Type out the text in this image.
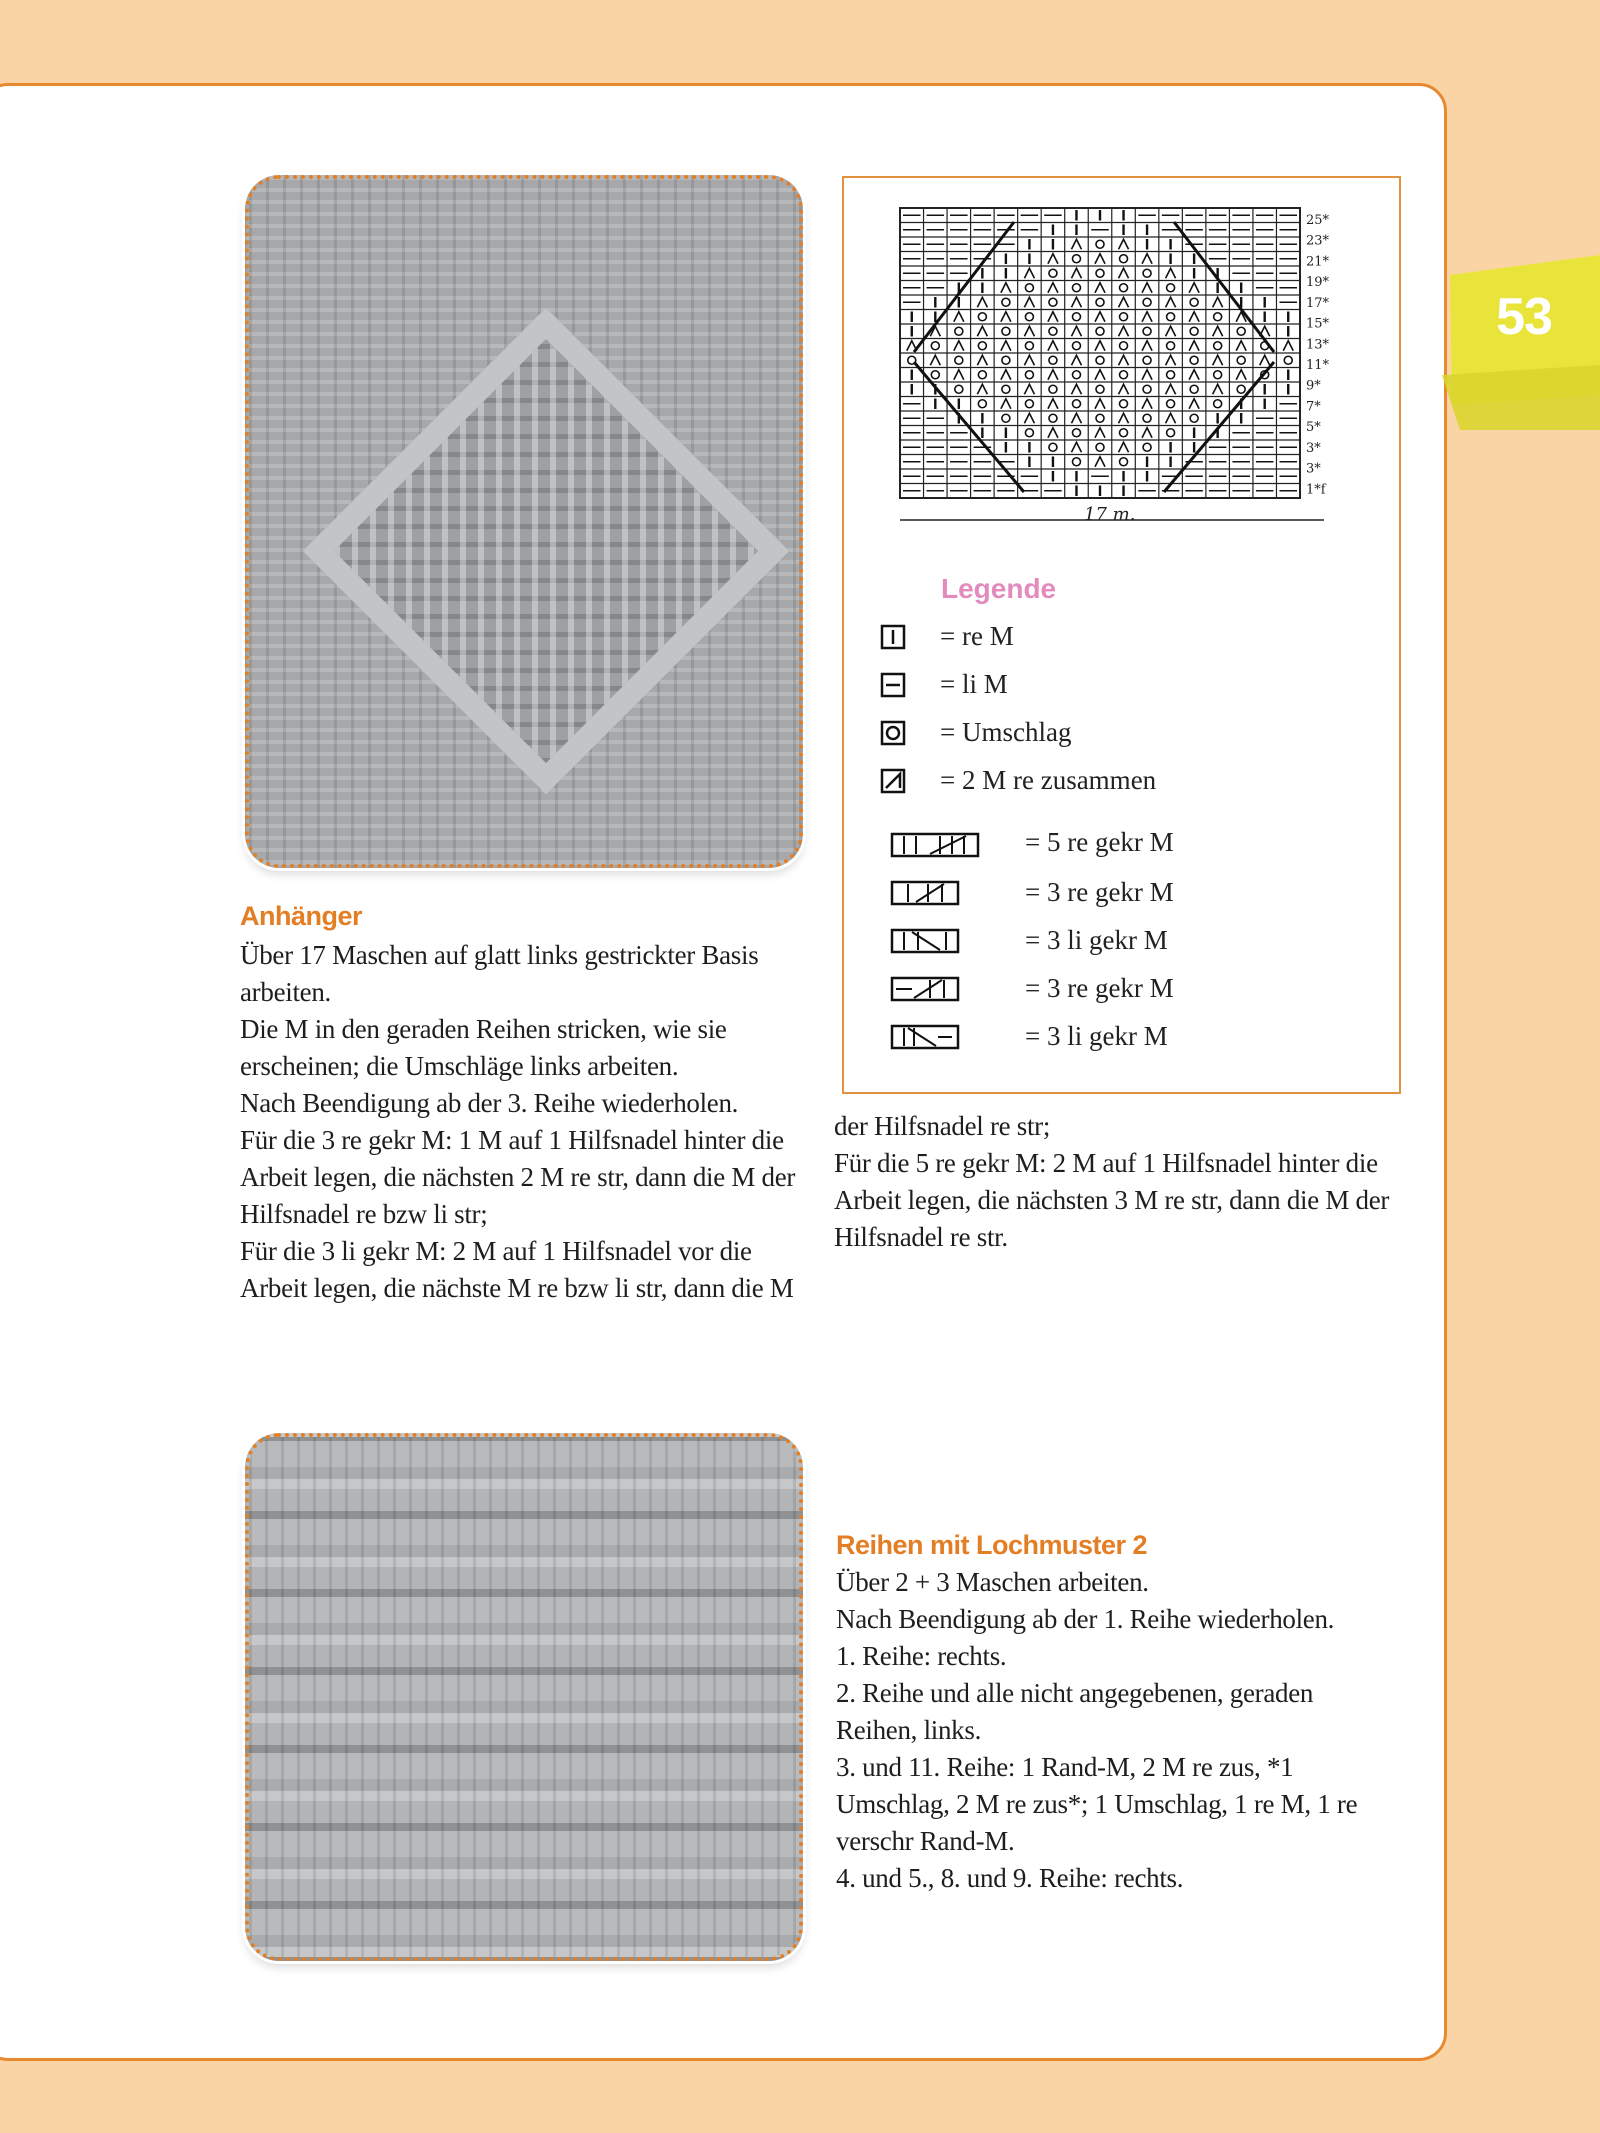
53
25*
23*
21*
19*
17*
15*
13*
11*
9*
7*
5*
3*
3*
1*f
17 m.
Legende
= re M
= li M
= Umschlag
= 2 M re zusammen
= 5 re gekr M
= 3 re gekr M
= 3 li gekr M
= 3 re gekr M
= 3 li gekr M
Anhänger
Über 17 Maschen auf glatt links gestrickter Basis
arbeiten.
Die M in den geraden Reihen stricken, wie sie
erscheinen; die Umschläge links arbeiten.
Nach Beendigung ab der 3. Reihe wiederholen.
Für die 3 re gekr M: 1 M auf 1 Hilfsnadel hinter die
Arbeit legen, die nächsten 2 M re str, dann die M der
Hilfsnadel re bzw li str;
Für die 3 li gekr M: 2 M auf 1 Hilfsnadel vor die
Arbeit legen, die nächste M re bzw li str, dann die M
der Hilfsnadel re str;
Für die 5 re gekr M: 2 M auf 1 Hilfsnadel hinter die
Arbeit legen, die nächsten 3 M re str, dann die M der
Hilfsnadel re str.
Reihen mit Lochmuster 2
Über 2 + 3 Maschen arbeiten.
Nach Beendigung ab der 1. Reihe wiederholen.
1. Reihe: rechts.
2. Reihe und alle nicht angegebenen, geraden
Reihen, links.
3. und 11. Reihe: 1 Rand-M, 2 M re zus, *1
Umschlag, 2 M re zus*; 1 Umschlag, 1 re M, 1 re
verschr Rand-M.
4. und 5., 8. und 9. Reihe: rechts.
